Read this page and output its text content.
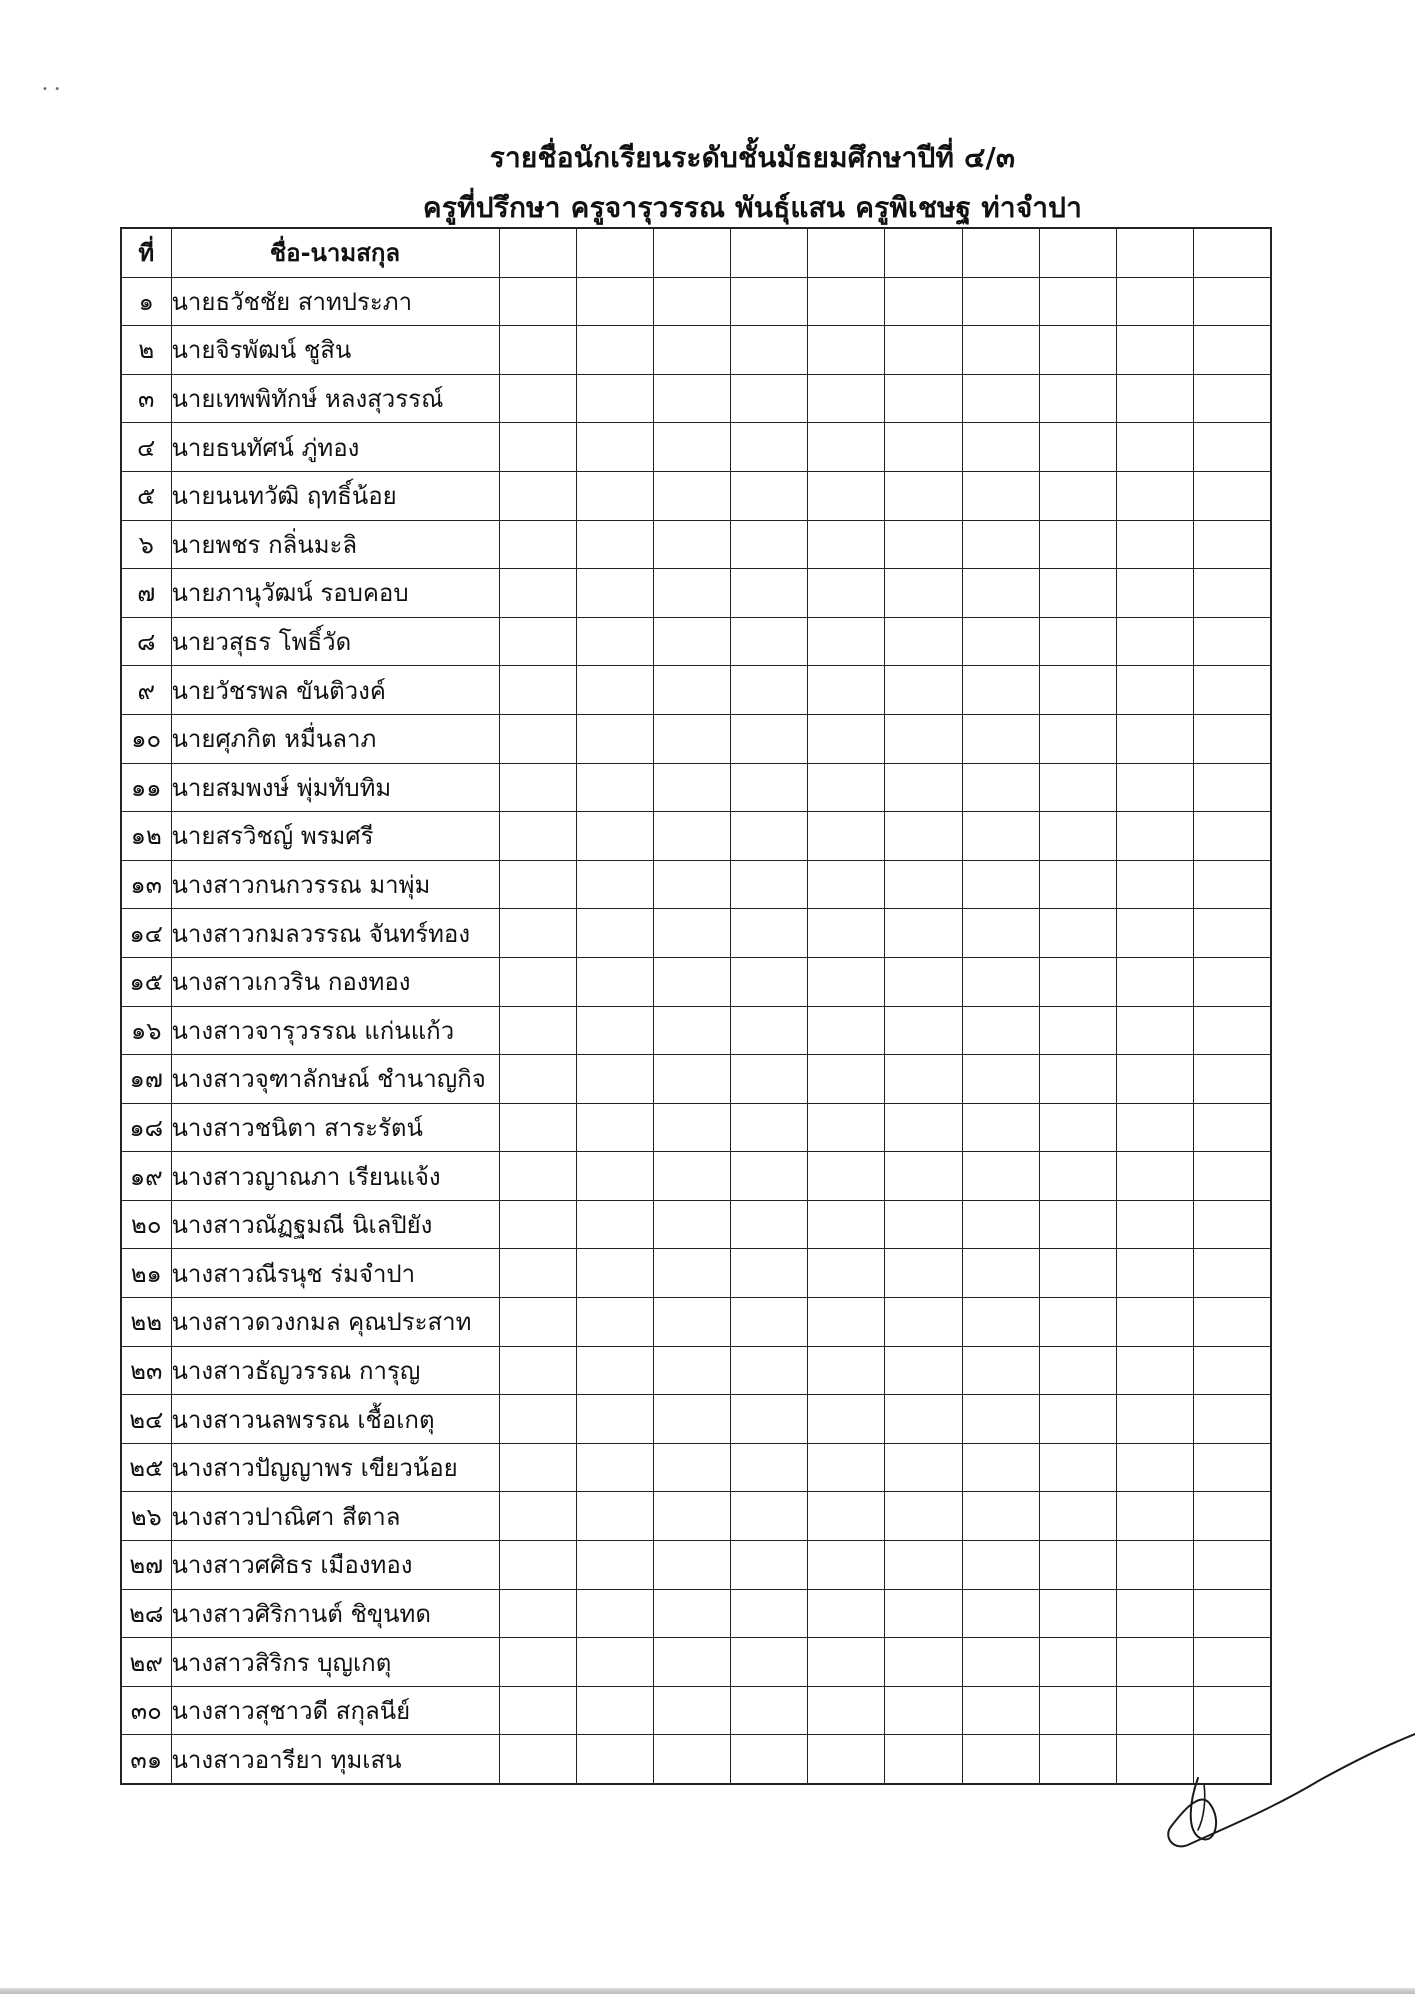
•  •
รายชื่อนักเรียนระดับชั้นมัธยมศึกษาปีที่ ๔/๓
ครูที่ปรึกษา ครูจารุวรรณ พันธุ์แสน ครูพิเชษฐ ท่าจำปา
ที่	ชื่อ-นามสกุล										
๑	นายธวัชชัย สาทประภา										
๒	นายจิรพัฒน์ ชูสิน										
๓	นายเทพพิทักษ์ หลงสุวรรณ์										
๔	นายธนทัศน์ ภู่ทอง										
๕	นายนนทวัฒิ ฤทธิ์น้อย										
๖	นายพชร กลิ่นมะลิ										
๗	นายภานุวัฒน์ รอบคอบ										
๘	นายวสุธร โพธิ์วัด										
๙	นายวัชรพล ขันติวงค์										
๑๐	นายศุภกิต หมื่นลาภ										
๑๑	นายสมพงษ์ พุ่มทับทิม										
๑๒	นายสรวิชญ์ พรมศรี										
๑๓	นางสาวกนกวรรณ มาพุ่ม										
๑๔	นางสาวกมลวรรณ จันทร์ทอง										
๑๕	นางสาวเกวริน กองทอง										
๑๖	นางสาวจารุวรรณ แก่นแก้ว										
๑๗	นางสาวจุฑาลักษณ์ ชำนาญกิจ										
๑๘	นางสาวชนิตา สาระรัตน์										
๑๙	นางสาวญาณภา เรียนแจ้ง										
๒๐	นางสาวณัฏฐมณี นิเลปิยัง										
๒๑	นางสาวณีรนุช ร่มจำปา										
๒๒	นางสาวดวงกมล คุณประสาท										
๒๓	นางสาวธัญวรรณ การุญ										
๒๔	นางสาวนลพรรณ เชื้อเกตุ										
๒๕	นางสาวปัญญาพร เขียวน้อย										
๒๖	นางสาวปาณิศา สีตาล										
๒๗	นางสาวศศิธร เมืองทอง										
๒๘	นางสาวศิริกานต์ ชิขุนทด										
๒๙	นางสาวสิริกร บุญเกตุ										
๓๐	นางสาวสุชาวดี สกุลนีย์										
๓๑	นางสาวอารียา ทุมเสน										
